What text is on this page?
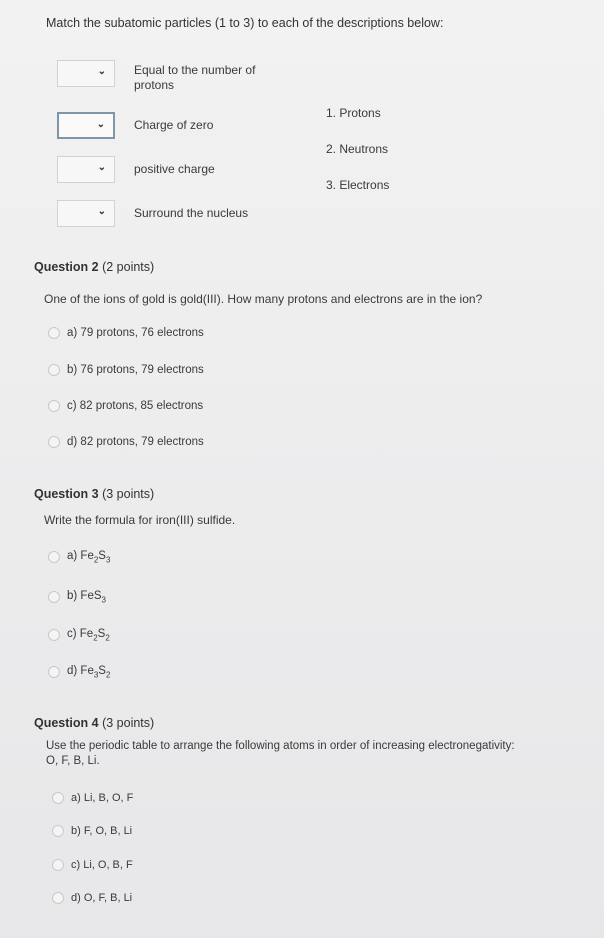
Match the subatomic particles (1 to 3) to each of the descriptions below:
⌄ Equal to the number of protons
⌄ Charge of zero
⌄ positive charge
⌄ Surround the nucleus
1. Protons
2. Neutrons
3. Electrons
Question 2 (2 points)
One of the ions of gold is gold(III). How many protons and electrons are in the ion?
a) 79 protons, 76 electrons
b) 76 protons, 79 electrons
c) 82 protons, 85 electrons
d) 82 protons, 79 electrons
Question 3 (3 points)
Write the formula for iron(III) sulfide.
a) $Fe_2S_3$
b) FeS$_3$
c) $Fe_2S_2$
d) $Fe_3S_2$
Question 4 (3 points)
Use the periodic table to arrange the following atoms in order of increasing electronegativity:
O, F, B, Li.
a) Li, B, O, F
b) F, O, B, Li
c) Li, O, B, F
d) O, F, B, Li
